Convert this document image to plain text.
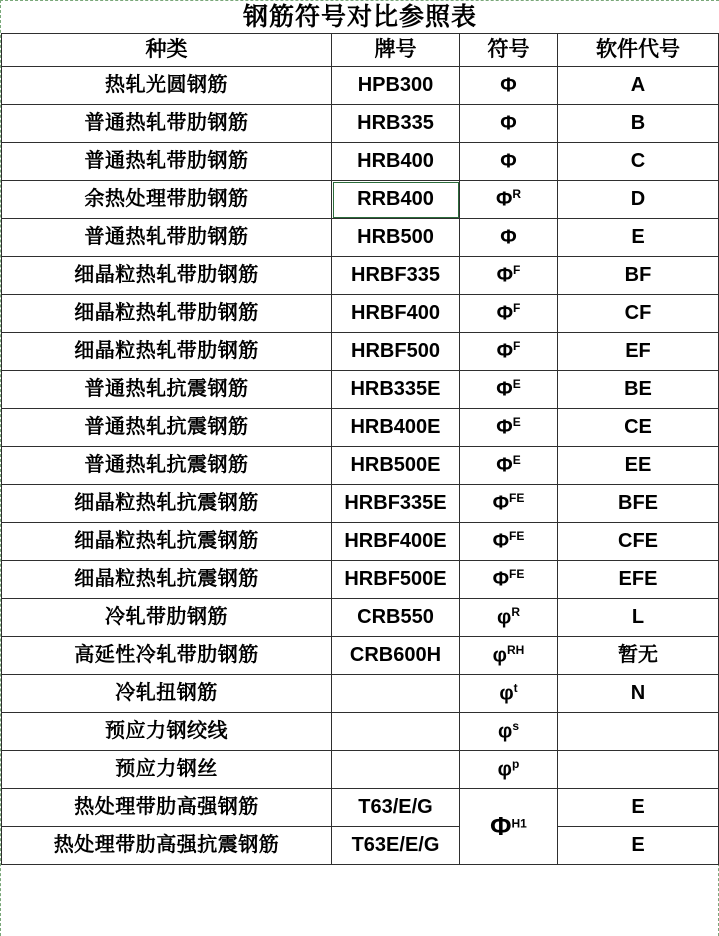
钢筋符号对比参照表			
种类	牌号	符号	软件代号
热轧光圆钢筋	HPB300	Φ	A
普通热轧带肋钢筋	HRB335	Φ	B
普通热轧带肋钢筋	HRB400	Φ	C
余热处理带肋钢筋	RRB400	$\Phi^R$	D
普通热轧带肋钢筋	HRB500	Φ	E
细晶粒热轧带肋钢筋	HRBF335	$\Phi^F$	BF
细晶粒热轧带肋钢筋	HRBF400	$\Phi^F$	CF
细晶粒热轧带肋钢筋	HRBF500	$\Phi^F$	EF
普通热轧抗震钢筋	HRB335E	$\Phi^E$	BE
普通热轧抗震钢筋	HRB400E	$\Phi^E$	CE
普通热轧抗震钢筋	HRB500E	$\Phi^E$	EE
细晶粒热轧抗震钢筋	HRBF335E	$\Phi^{FE}$	BFE
细晶粒热轧抗震钢筋	HRBF400E	$\Phi^{FE}$	CFE
细晶粒热轧抗震钢筋	HRBF500E	$\Phi^{FE}$	EFE
冷轧带肋钢筋	CRB550	$\varphi^R$	L
高延性冷轧带肋钢筋	CRB600H	$\varphi^{RH}$	暂无
冷轧扭钢筋		$\varphi^t$	N
预应力钢绞线		$\varphi^s$	
预应力钢丝		$\varphi^p$	
热处理带肋高强钢筋	T63/E/G	$\Phi^{H1}$	E
热处理带肋高强抗震钢筋	T63E/E/G		E
